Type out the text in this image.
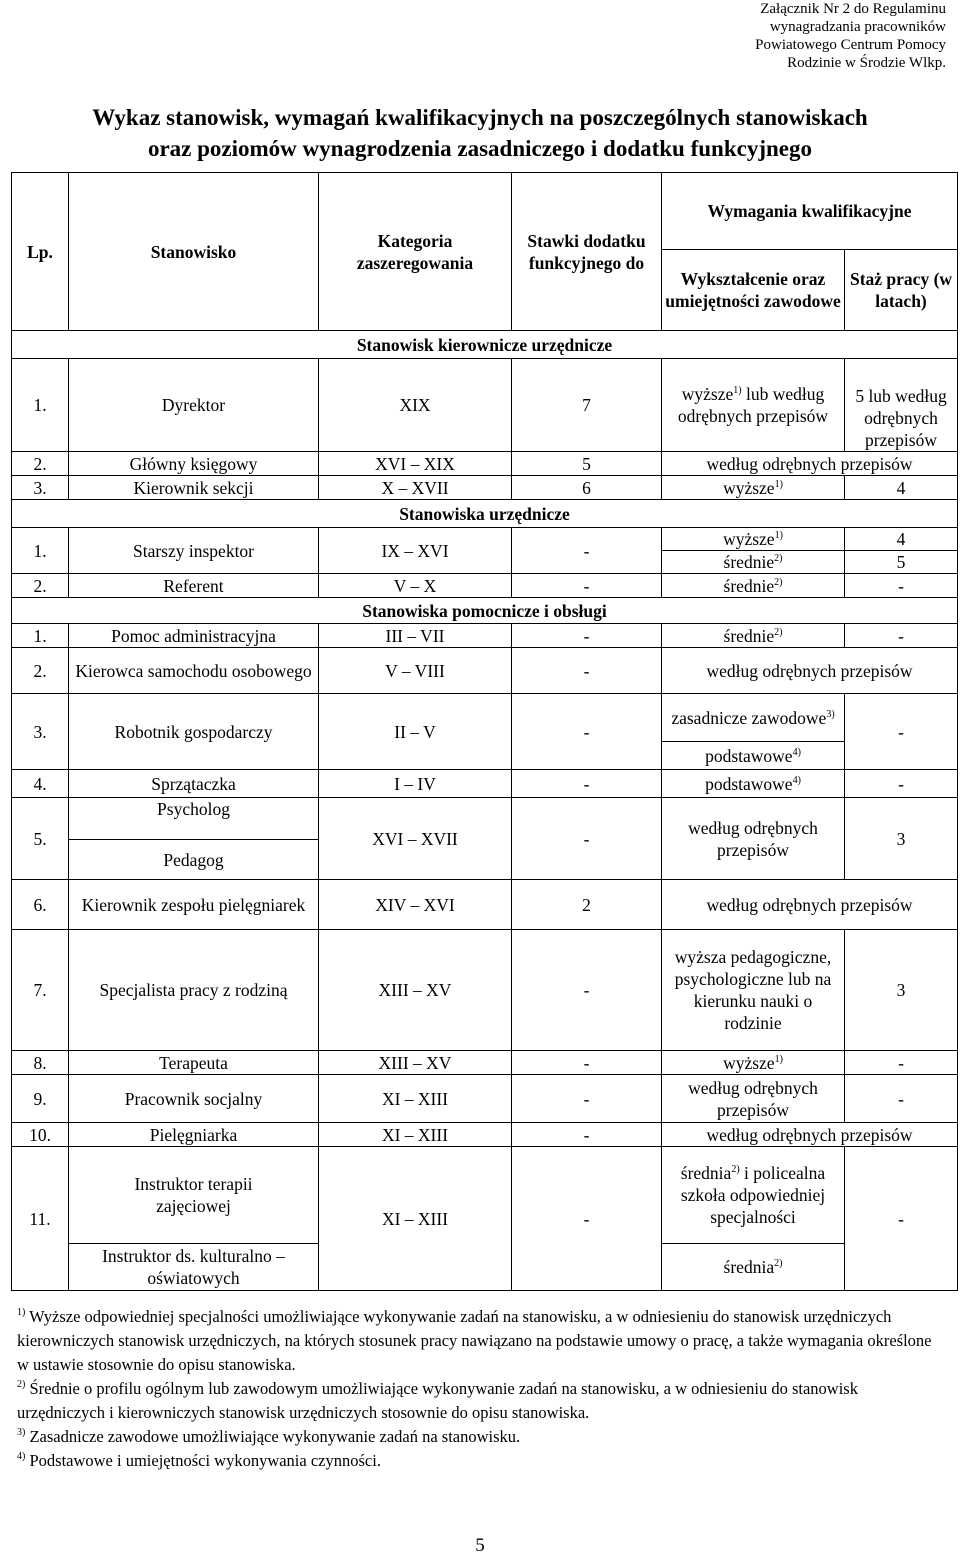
Załącznik Nr 2 do Regulaminu
wynagradzania pracowników
Powiatowego Centrum Pomocy
Rodzinie w Środzie Wlkp.
Wykaz stanowisk, wymagań kwalifikacyjnych na poszczególnych stanowiskach
oraz poziomów wynagrodzenia zasadniczego i dodatku funkcyjnego
Lp.	Stanowisko	Kategoria zaszeregowania	Stawki dodatku funkcyjnego do	Wymagania kwalifikacyjne	
				Wykształcenie oraz umiejętności zawodowe	Staż pracy (w latach)
Stanowisk kierownicze urzędnicze					
1.	Dyrektor	XIX	7	wyższe$^{1)}$ lub według odrębnych przepisów	5 lub według odrębnych przepisów
2.	Główny księgowy	XVI – XIX	5	według odrębnych przepisów	
3.	Kierownik sekcji	X – XVII	6	wyższe$^{1)}$	4
Stanowiska urzędnicze					
1.	Starszy inspektor	IX – XVI	-	wyższe$^{1)}$	4
				średnie$^{2)}$	5
2.	Referent	V – X	-	średnie$^{2)}$	-
Stanowiska pomocnicze i obsługi					
1.	Pomoc administracyjna	III – VII	-	średnie$^{2)}$	-
2.	Kierowca samochodu osobowego	V – VIII	-	według odrębnych przepisów	
3.	Robotnik gospodarczy	II – V	-	zasadnicze zawodowe$^{3)}$	-
				podstawowe$^{4)}$
4.	Sprzątaczka	I – IV	-	podstawowe$^{4)}$	-
5.	Psycholog	XVI – XVII	-	według odrębnych przepisów	3
	Pedagog				
6.	Kierownik zespołu pielęgniarek	XIV – XVI	2	według odrębnych przepisów	
7.	Specjalista pracy z rodziną	XIII – XV	-	wyższa pedagogiczne, psychologiczne lub na kierunku nauki o rodzinie	3
8.	Terapeuta	XIII – XV	-	wyższe$^{1)}$	-
9.	Pracownik socjalny	XI – XIII	-	według odrębnych przepisów	-
10.	Pielęgniarka	XI – XIII	-	według odrębnych przepisów	
11.	Instruktor terapii zajęciowej	XI – XIII	-	średnia$^{2)}$ i policealna szkoła odpowiedniej specjalności	-
	Instruktor ds. kulturalno – oświatowych			średnia$^{2)}$

$^{1)}$ Wyższe odpowiedniej specjalności umożliwiające wykonywanie zadań na stanowisku, a w odniesieniu do stanowisk urzędniczych kierowniczych stanowisk urzędniczych, na których stosunek pracy nawiązano na podstawie umowy o pracę, a także wymagania określone w ustawie stosownie do opisu stanowiska.

$^{2)}$ Średnie o profilu ogólnym lub zawodowym umożliwiające wykonywanie zadań na stanowisku, a w odniesieniu do stanowisk urzędniczych i kierowniczych stanowisk urzędniczych stosownie do opisu stanowiska.

$^{3)}$ Zasadnicze zawodowe umożliwiające wykonywanie zadań na stanowisku.

$^{4)}$ Podstawowe i umiejętności wykonywania czynności.

5
